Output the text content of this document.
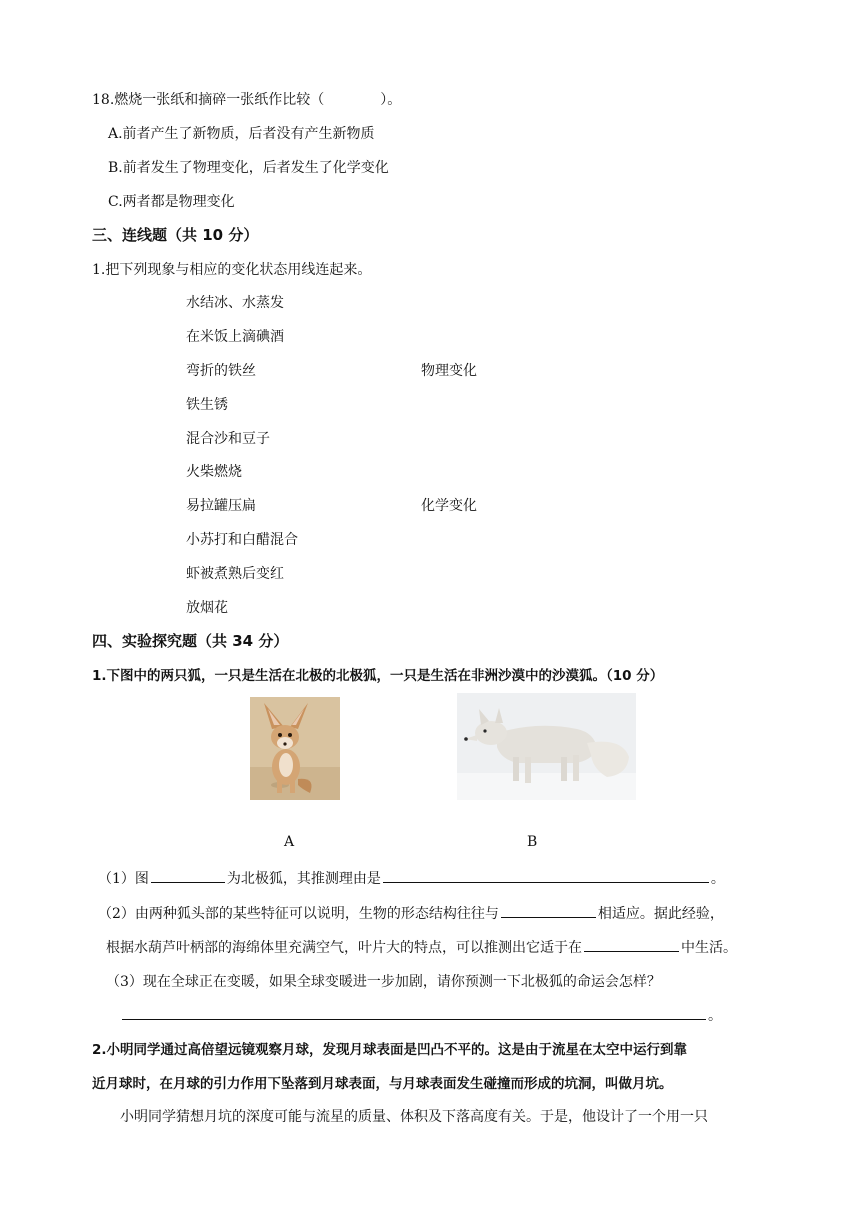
18.燃烧一张纸和摘碎一张纸作比较（　　　　）。
A.前者产生了新物质，后者没有产生新物质
B.前者发生了物理变化，后者发生了化学变化
C.两者都是物理变化
三、连线题（共 10 分）
1.把下列现象与相应的变化状态用线连起来。
水结冰、水蒸发
在米饭上滴碘酒
弯折的铁丝
铁生锈
混合沙和豆子
火柴燃烧
易拉罐压扁
小苏打和白醋混合
虾被煮熟后变红
放烟花
物理变化
化学变化
四、实验探究题（共 34 分）
1.下图中的两只狐，一只是生活在北极的北极狐，一只是生活在非洲沙漠中的沙漠狐。（10 分）
A	B
（1）图	为北极狐，其推测理由是	。
（2）由两种狐头部的某些特征可以说明，生物的形态结构往往与	相适应。据此经验，
根据水葫芦叶柄部的海绵体里充满空气，叶片大的特点，可以推测出它适于在	中生活。
（3）现在全球正在变暖，如果全球变暖进一步加剧，请你预测一下北极狐的命运会怎样？
。
2.小明同学通过高倍望远镜观察月球，发现月球表面是凹凸不平的。这是由于流星在太空中运行到靠
近月球时，在月球的引力作用下坠落到月球表面，与月球表面发生碰撞而形成的坑洞，叫做月坑。
小明同学猜想月坑的深度可能与流星的质量、体积及下落高度有关。于是，他设计了一个用一只
